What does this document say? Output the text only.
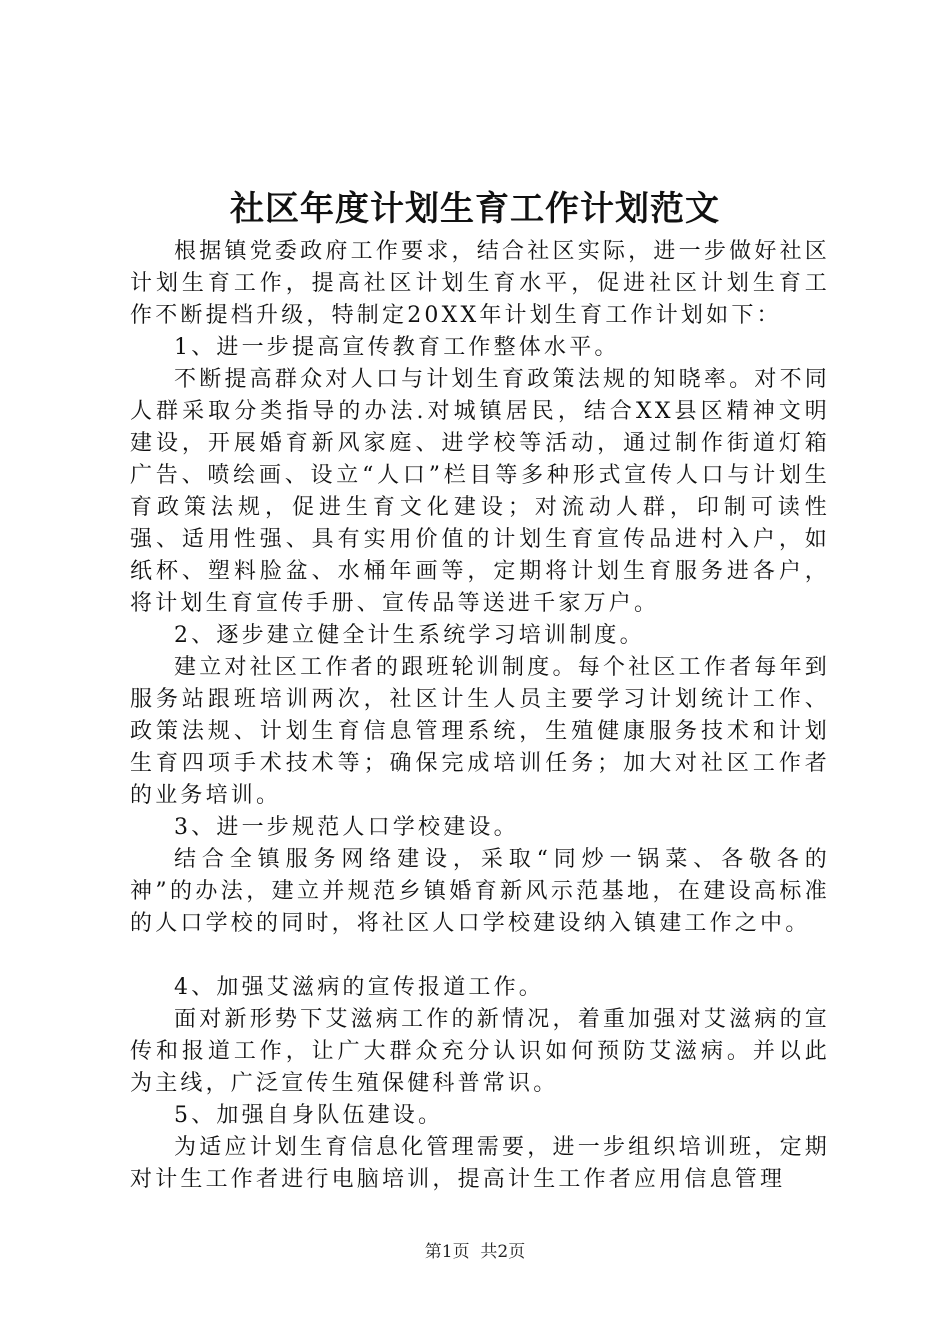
社区年度计划生育工作计划范文

根据镇党委政府工作要求，结合社区实际，进一步做好社区计划生育工作，提高社区计划生育水平，促进社区计划生育工作不断提档升级，特制定20XX年计划生育工作计划如下：

1、进一步提高宣传教育工作整体水平。

不断提高群众对人口与计划生育政策法规的知晓率。对不同人群采取分类指导的办法.对城镇居民，结合XX县区精神文明建设，开展婚育新风家庭、进学校等活动，通过制作街道灯箱广告、喷绘画、设立“人口”栏目等多种形式宣传人口与计划生育政策法规，促进生育文化建设；对流动人群，印制可读性强、适用性强、具有实用价值的计划生育宣传品进村入户，如纸杯、塑料脸盆、水桶年画等，定期将计划生育服务进各户，将计划生育宣传手册、宣传品等送进千家万户。

2、逐步建立健全计生系统学习培训制度。

建立对社区工作者的跟班轮训制度。每个社区工作者每年到服务站跟班培训两次，社区计生人员主要学习计划统计工作、政策法规、计划生育信息管理系统，生殖健康服务技术和计划生育四项手术技术等；确保完成培训任务；加大对社区工作者的业务培训。

3、进一步规范人口学校建设。

结合全镇服务网络建设，采取“同炒一锅菜、各敬各的神”的办法，建立并规范乡镇婚育新风示范基地，在建设高标准的人口学校的同时，将社区人口学校建设纳入镇建工作之中。

4、加强艾滋病的宣传报道工作。

面对新形势下艾滋病工作的新情况，着重加强对艾滋病的宣传和报道工作，让广大群众充分认识如何预防艾滋病。并以此为主线，广泛宣传生殖保健科普常识。

5、加强自身队伍建设。

为适应计划生育信息化管理需要，进一步组织培训班，定期对计生工作者进行电脑培训，提高计生工作者应用信息管理

第1页 共2页
